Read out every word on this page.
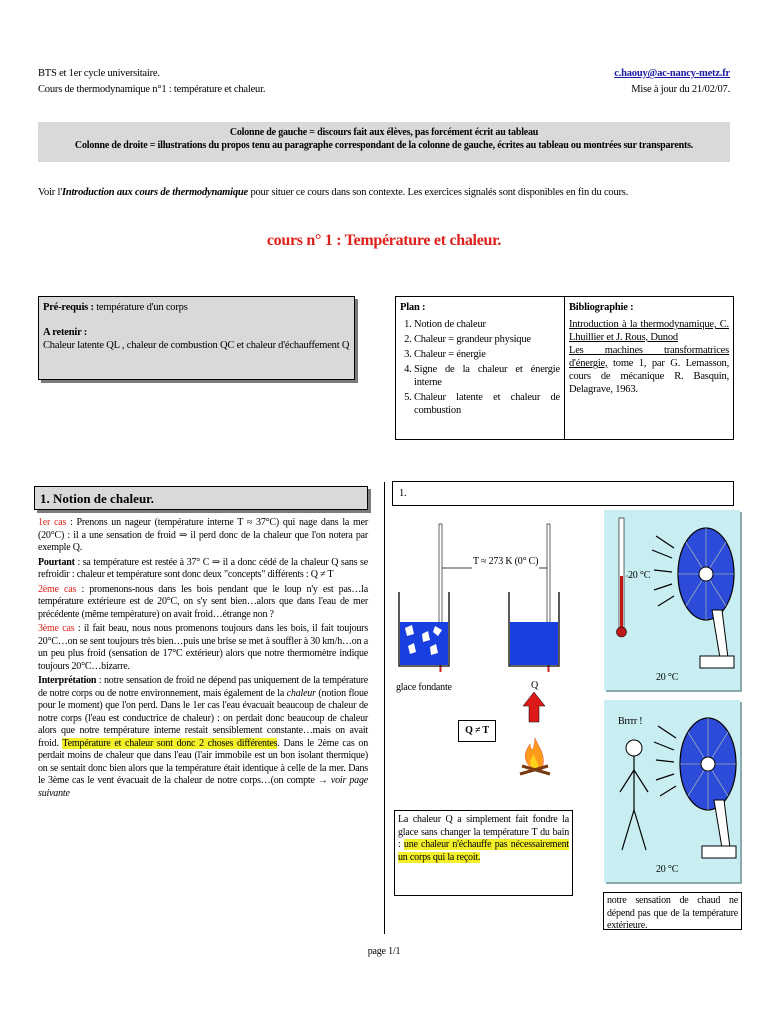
BTS et 1er cycle universitaire.
Cours de thermodynamique n°1 : température et chaleur.
c.haouy@ac-nancy-metz.fr
Mise à jour du 21/02/07.
Colonne de gauche = discours fait aux élèves, pas forcément écrit au tableau
Colonne de droite = illustrations du propos tenu au paragraphe correspondant de la colonne de gauche, écrites au tableau ou montrées sur transparents.
Voir l'Introduction aux cours de thermodynamique pour situer ce cours dans son contexte. Les exercices signalés sont disponibles en fin du cours.
cours n° 1 : Température et chaleur.
Pré-requis : température d'un corps
A retenir :
Chaleur latente QL , chaleur de combustion QC et chaleur d'échauffement Q
Plan :
1. Notion de chaleur
2. Chaleur = grandeur physique
3. Chaleur = énergie
4. Signe de la chaleur et énergie interne
5. Chaleur latente et chaleur de combustion
Bibliographie :
Introduction à la thermodynamique, C. Lhuillier et J. Rous, Dunod
Les machines transformatrices d'énergie, tome 1, par G. Lemasson, cours de mécanique R. Basquin, Delagrave, 1963.
1. Notion de chaleur.	1.

1er cas : Prenons un nageur (température interne T ≈ 37°C) qui nage dans la mer (20°C) : il a une sensation de froid ⇒ il perd donc de la chaleur que l'on notera par exemple Q.

Pourtant : sa température est restée à 37° C ⇒ il a donc cédé de la chaleur Q sans se refroidir : chaleur et température sont donc deux "concepts" différents : Q ≠ T

2ème cas : promenons-nous dans les bois pendant que le loup n'y est pas…la température extérieure est de 20°C, on s'y sent bien…alors que dans l'eau de mer précédente (même température) on avait froid…étrange non ?

3ème cas : il fait beau, nous nous promenons toujours dans les bois, il fait toujours 20°C…on se sent toujours très bien…puis une brise se met à souffler à 30 km/h…on a un peu plus froid (sensation de 17°C extérieur) alors que notre thermomètre indique toujours 20°C…bizarre.

Interprétation : notre sensation de froid ne dépend pas uniquement de la température de notre corps ou de notre environnement, mais également de la chaleur (notion floue pour le moment) que l'on perd. Dans le 1er cas l'eau évacuait beaucoup de chaleur de notre corps (l'eau est conductrice de chaleur) : on perdait donc beaucoup de chaleur alors que notre température interne restait sensiblement constante…mais on avait froid. Température et chaleur sont donc 2 choses différentes. Dans le 2ème cas on perdait moins de chaleur que dans l'eau (l'air immobile est un bon isolant thermique) on se sentait donc bien alors que la température était identique à celle de la mer. Dans le 3ème cas le vent évacuait de la chaleur de notre corps…(on compte → voir page suivante

T ≈ 273 K (0° C)
glace fondante	Q
Q ≠ T
La chaleur Q a simplement fait fondre la glace sans changer la température T du bain : une chaleur n'échauffe pas nécessairement un corps qui la reçoit.
20 °C
20 °C
Brrrr !
20 °C
notre sensation de chaud ne dépend pas que de la température extérieure.
page 1/1
